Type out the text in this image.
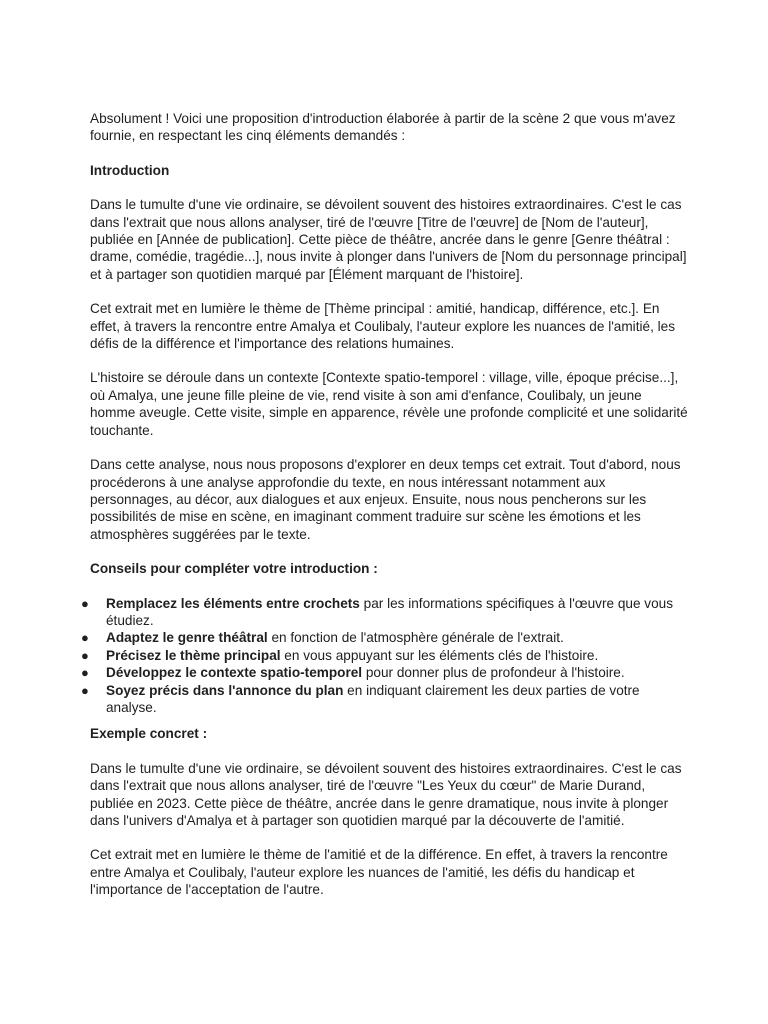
Absolument ! Voici une proposition d'introduction élaborée à partir de la scène 2 que vous m'avez fournie, en respectant les cinq éléments demandés :

Introduction

Dans le tumulte d'une vie ordinaire, se dévoilent souvent des histoires extraordinaires. C'est le cas dans l'extrait que nous allons analyser, tiré de l'œuvre [Titre de l'œuvre] de [Nom de l'auteur], publiée en [Année de publication]. Cette pièce de théâtre, ancrée dans le genre [Genre théâtral : drame, comédie, tragédie...], nous invite à plonger dans l'univers de [Nom du personnage principal] et à partager son quotidien marqué par [Élément marquant de l'histoire].

Cet extrait met en lumière le thème de [Thème principal : amitié, handicap, différence, etc.]. En effet, à travers la rencontre entre Amalya et Coulibaly, l'auteur explore les nuances de l'amitié, les défis de la différence et l'importance des relations humaines.

L'histoire se déroule dans un contexte [Contexte spatio-temporel : village, ville, époque précise...], où Amalya, une jeune fille pleine de vie, rend visite à son ami d'enfance, Coulibaly, un jeune homme aveugle. Cette visite, simple en apparence, révèle une profonde complicité et une solidarité touchante.

Dans cette analyse, nous nous proposons d'explorer en deux temps cet extrait. Tout d'abord, nous procéderons à une analyse approfondie du texte, en nous intéressant notamment aux personnages, au décor, aux dialogues et aux enjeux. Ensuite, nous nous pencherons sur les possibilités de mise en scène, en imaginant comment traduire sur scène les émotions et les atmosphères suggérées par le texte.

Conseils pour compléter votre introduction :

● Remplacez les éléments entre crochets par les informations spécifiques à l'œuvre que vous étudiez.
● Adaptez le genre théâtral en fonction de l'atmosphère générale de l'extrait.
● Précisez le thème principal en vous appuyant sur les éléments clés de l'histoire.
● Développez le contexte spatio-temporel pour donner plus de profondeur à l'histoire.
● Soyez précis dans l'annonce du plan en indiquant clairement les deux parties de votre analyse.

Exemple concret :

Dans le tumulte d'une vie ordinaire, se dévoilent souvent des histoires extraordinaires. C'est le cas dans l'extrait que nous allons analyser, tiré de l'œuvre "Les Yeux du cœur" de Marie Durand, publiée en 2023. Cette pièce de théâtre, ancrée dans le genre dramatique, nous invite à plonger dans l'univers d'Amalya et à partager son quotidien marqué par la découverte de l'amitié.

Cet extrait met en lumière le thème de l'amitié et de la différence. En effet, à travers la rencontre entre Amalya et Coulibaly, l'auteur explore les nuances de l'amitié, les défis du handicap et l'importance de l'acceptation de l'autre.
